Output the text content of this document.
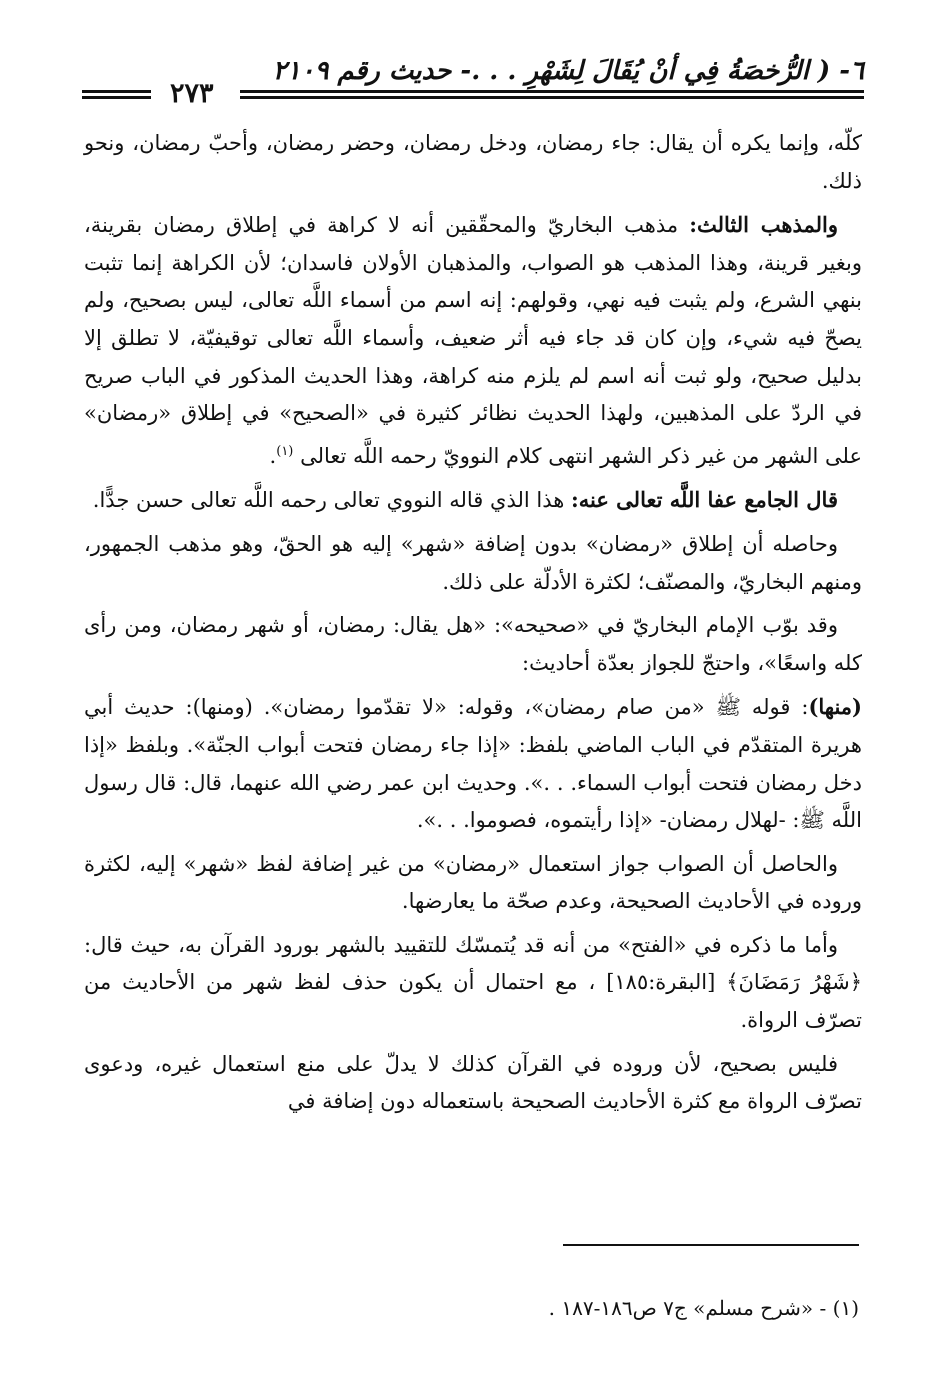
٦- ( الرُّخصَةُ فِي أنْ يُقَالَ لِشَهْرِ . . .- حديث رقم ٢١٠٩
٢٧٣

كلّه، وإنما يكره أن يقال: جاء رمضان، ودخل رمضان، وحضر رمضان، وأحبّ رمضان، ونحو ذلك.

والمذهب الثالث: مذهب البخاريّ والمحقّقين أنه لا كراهة في إطلاق رمضان بقرينة، وبغير قرينة، وهذا المذهب هو الصواب، والمذهبان الأولان فاسدان؛ لأن الكراهة إنما تثبت بنهي الشرع، ولم يثبت فيه نهي، وقولهم: إنه اسم من أسماء اللَّه تعالى، ليس بصحيح، ولم يصحّ فيه شيء، وإن كان قد جاء فيه أثر ضعيف، وأسماء اللَّه تعالى توقيفيّة، لا تطلق إلا بدليل صحيح، ولو ثبت أنه اسم لم يلزم منه كراهة، وهذا الحديث المذكور في الباب صريح في الردّ على المذهبين، ولهذا الحديث نظائر كثيرة في «الصحيح» في إطلاق «رمضان» على الشهر من غير ذكر الشهر انتهى كلام النوويّ رحمه اللَّه تعالى $^{(١)}$.

قال الجامع عفا اللَّه تعالى عنه: هذا الذي قاله النووي تعالى رحمه اللَّه تعالى حسن جدًّا.

وحاصله أن إطلاق «رمضان» بدون إضافة «شهر» إليه هو الحقّ، وهو مذهب الجمهور، ومنهم البخاريّ، والمصنّف؛ لكثرة الأدلّة على ذلك.

وقد بوّب الإمام البخاريّ في «صحيحه»: «هل يقال: رمضان، أو شهر رمضان، ومن رأى كله واسعًا»، واحتجّ للجواز بعدّة أحاديث:

(منها): قوله ﷺ «من صام رمضان»، وقوله: «لا تقدّموا رمضان». (ومنها): حديث أبي هريرة المتقدّم في الباب الماضي بلفظ: «إذا جاء رمضان فتحت أبواب الجنّة». وبلفظ «إذا دخل رمضان فتحت أبواب السماء. . .». وحديث ابن عمر رضي الله عنهما، قال: قال رسول اللَّه ﷺ: -لهلال رمضان- «إذا رأيتموه، فصوموا. . .».

والحاصل أن الصواب جواز استعمال «رمضان» من غير إضافة لفظ «شهر» إليه، لكثرة وروده في الأحاديث الصحيحة، وعدم صحّة ما يعارضها.

وأما ما ذكره في «الفتح» من أنه قد يُتمسّك للتقييد بالشهر بورود القرآن به، حيث قال: ﴿شَهْرُ رَمَضَانَ﴾ [البقرة:١٨٥] ، مع احتمال أن يكون حذف لفظ شهر من الأحاديث من تصرّف الرواة.

فليس بصحيح، لأن وروده في القرآن كذلك لا يدلّ على منع استعمال غيره، ودعوى تصرّف الرواة مع كثرة الأحاديث الصحيحة باستعماله دون إضافة في

(١) - «شرح مسلم» ج٧ ص١٨٦-١٨٧ .
